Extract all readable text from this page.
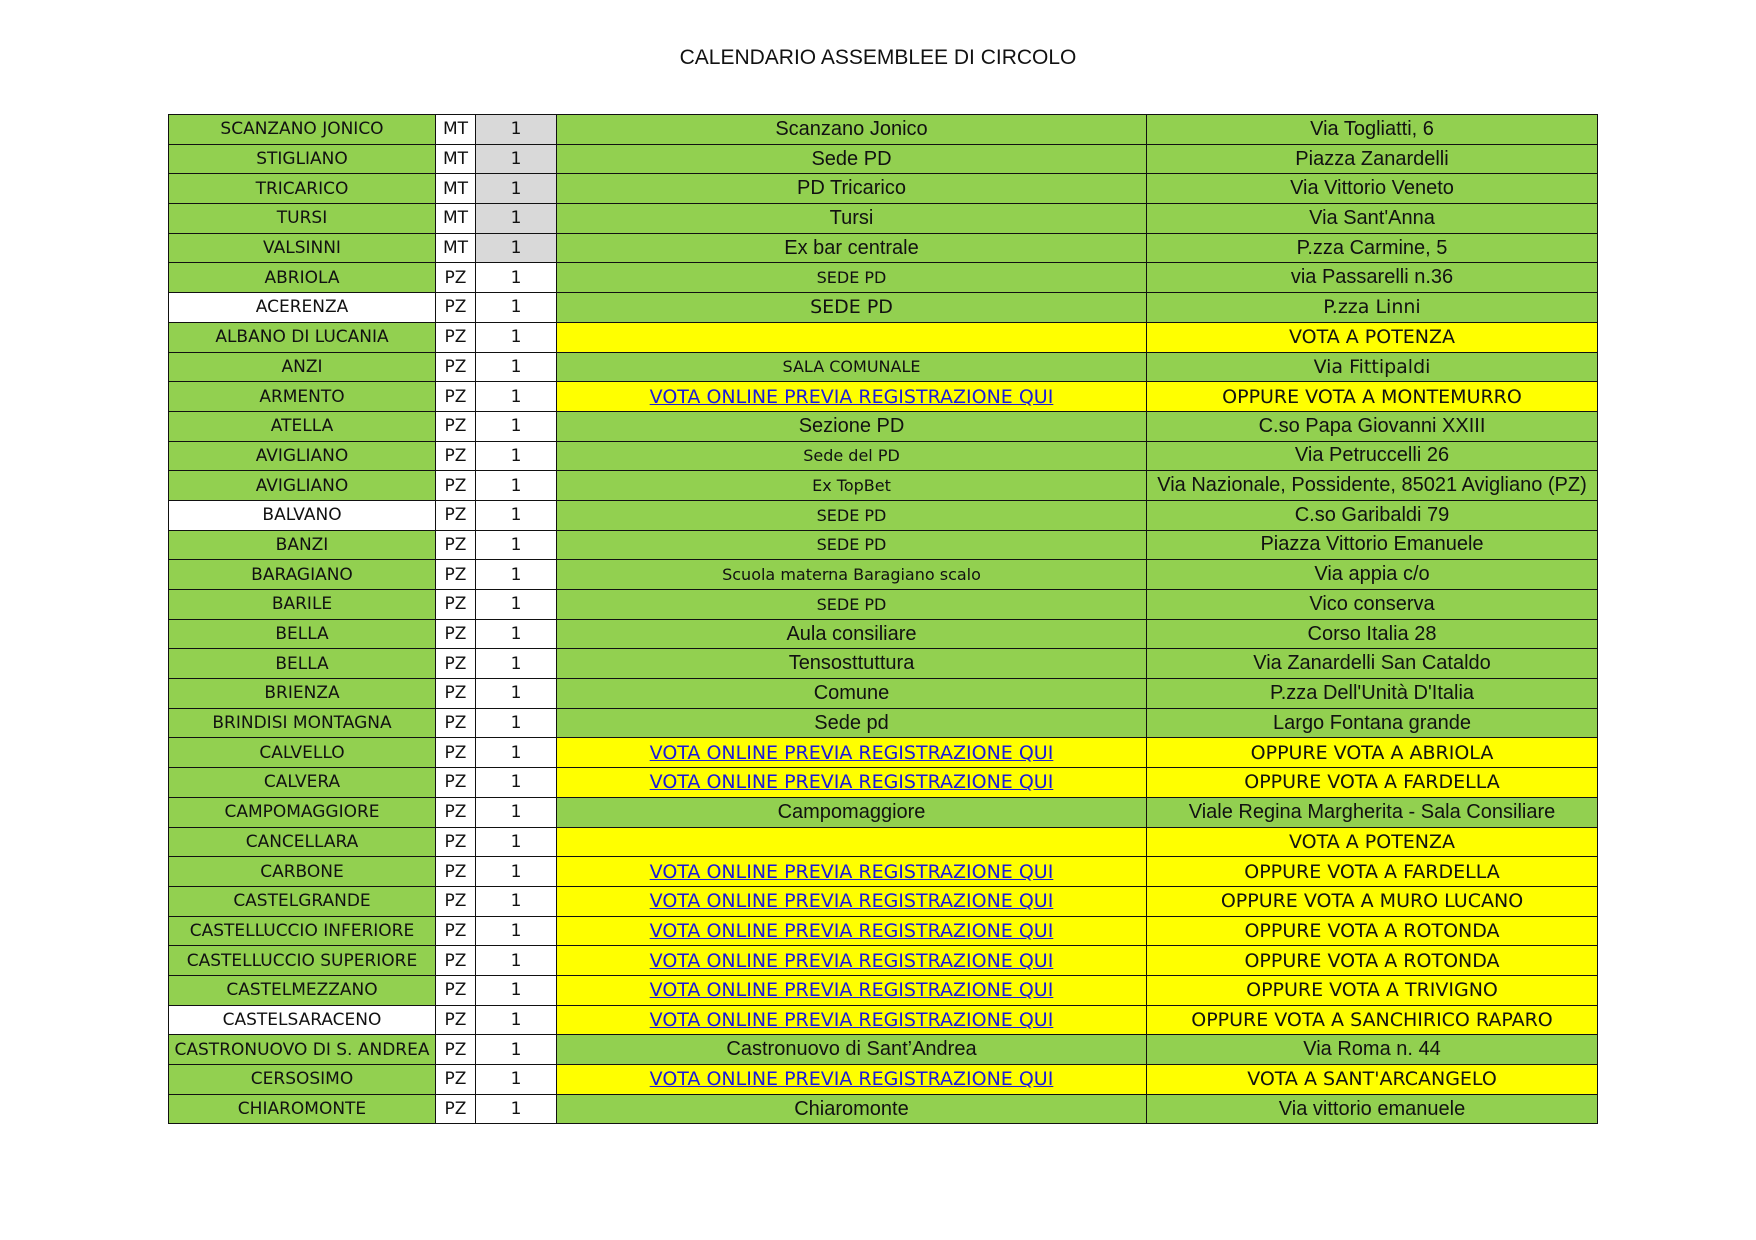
CALENDARIO ASSEMBLEE DI CIRCOLO
SCANZANO JONICO	MT	1	Scanzano Jonico	Via Togliatti, 6
STIGLIANO	MT	1	Sede PD	Piazza Zanardelli
TRICARICO	MT	1	PD Tricarico	Via Vittorio Veneto
TURSI	MT	1	Tursi	Via Sant'Anna
VALSINNI	MT	1	Ex bar centrale	P.zza Carmine, 5
ABRIOLA	PZ	1	SEDE PD	via Passarelli n.36
ACERENZA	PZ	1	SEDE PD	P.zza Linni
ALBANO DI LUCANIA	PZ	1		VOTA A POTENZA
ANZI	PZ	1	SALA COMUNALE	Via Fittipaldi
ARMENTO	PZ	1	VOTA ONLINE PREVIA REGISTRAZIONE QUI	OPPURE VOTA A MONTEMURRO
ATELLA	PZ	1	Sezione PD	C.so Papa Giovanni XXIII
AVIGLIANO	PZ	1	Sede del PD	Via Petruccelli 26
AVIGLIANO	PZ	1	Ex TopBet	Via Nazionale, Possidente, 85021 Avigliano (PZ)
BALVANO	PZ	1	SEDE PD	C.so Garibaldi 79
BANZI	PZ	1	SEDE PD	Piazza Vittorio Emanuele
BARAGIANO	PZ	1	Scuola materna Baragiano scalo	Via appia c/o
BARILE	PZ	1	SEDE PD	Vico conserva
BELLA	PZ	1	Aula consiliare	Corso Italia 28
BELLA	PZ	1	Tensosttuttura	Via Zanardelli San Cataldo
BRIENZA	PZ	1	Comune	P.zza Dell'Unità D'Italia
BRINDISI MONTAGNA	PZ	1	Sede pd	Largo Fontana grande
CALVELLO	PZ	1	VOTA ONLINE PREVIA REGISTRAZIONE QUI	OPPURE VOTA A ABRIOLA
CALVERA	PZ	1	VOTA ONLINE PREVIA REGISTRAZIONE QUI	OPPURE VOTA A FARDELLA
CAMPOMAGGIORE	PZ	1	Campomaggiore	Viale Regina Margherita - Sala Consiliare
CANCELLARA	PZ	1		VOTA A POTENZA
CARBONE	PZ	1	VOTA ONLINE PREVIA REGISTRAZIONE QUI	OPPURE VOTA A FARDELLA
CASTELGRANDE	PZ	1	VOTA ONLINE PREVIA REGISTRAZIONE QUI	OPPURE VOTA A MURO LUCANO
CASTELLUCCIO INFERIORE	PZ	1	VOTA ONLINE PREVIA REGISTRAZIONE QUI	OPPURE VOTA A ROTONDA
CASTELLUCCIO SUPERIORE	PZ	1	VOTA ONLINE PREVIA REGISTRAZIONE QUI	OPPURE VOTA A ROTONDA
CASTELMEZZANO	PZ	1	VOTA ONLINE PREVIA REGISTRAZIONE QUI	OPPURE VOTA A TRIVIGNO
CASTELSARACENO	PZ	1	VOTA ONLINE PREVIA REGISTRAZIONE QUI	OPPURE VOTA A SANCHIRICO RAPARO
CASTRONUOVO DI S. ANDREA	PZ	1	Castronuovo di Sant’Andrea	Via Roma n. 44
CERSOSIMO	PZ	1	VOTA ONLINE PREVIA REGISTRAZIONE QUI	VOTA A SANT'ARCANGELO
CHIAROMONTE	PZ	1	Chiaromonte	Via vittorio emanuele
